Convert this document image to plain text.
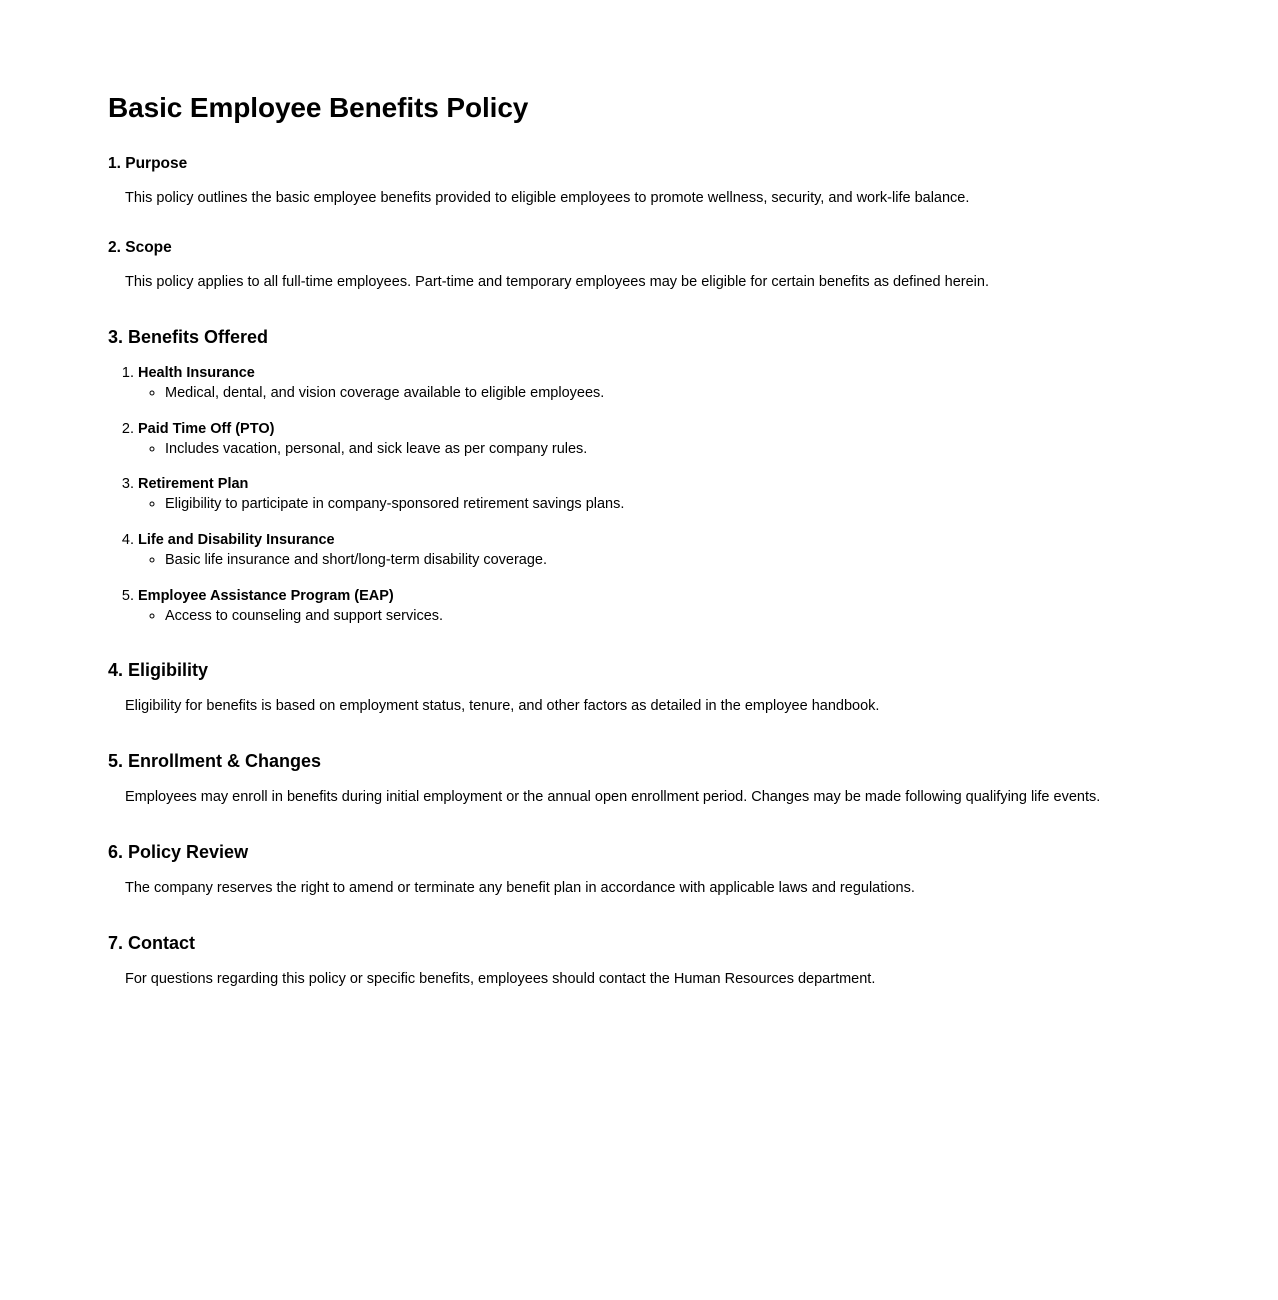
Basic Employee Benefits Policy
1. Purpose

This policy outlines the basic employee benefits provided to eligible employees to promote wellness, security, and work-life balance.

2. Scope

This policy applies to all full-time employees. Part-time and temporary employees may be eligible for certain benefits as defined herein.

3. Benefits Offered
1. Health Insurance
◦ Medical, dental, and vision coverage available to eligible employees.
2. Paid Time Off (PTO)
◦ Includes vacation, personal, and sick leave as per company rules.
3. Retirement Plan
◦ Eligibility to participate in company-sponsored retirement savings plans.
4. Life and Disability Insurance
◦ Basic life insurance and short/long-term disability coverage.
5. Employee Assistance Program (EAP)
◦ Access to counseling and support services.
4. Eligibility

Eligibility for benefits is based on employment status, tenure, and other factors as detailed in the employee handbook.

5. Enrollment & Changes

Employees may enroll in benefits during initial employment or the annual open enrollment period. Changes may be made following qualifying life events.

6. Policy Review

The company reserves the right to amend or terminate any benefit plan in accordance with applicable laws and regulations.

7. Contact

For questions regarding this policy or specific benefits, employees should contact the Human Resources department.
